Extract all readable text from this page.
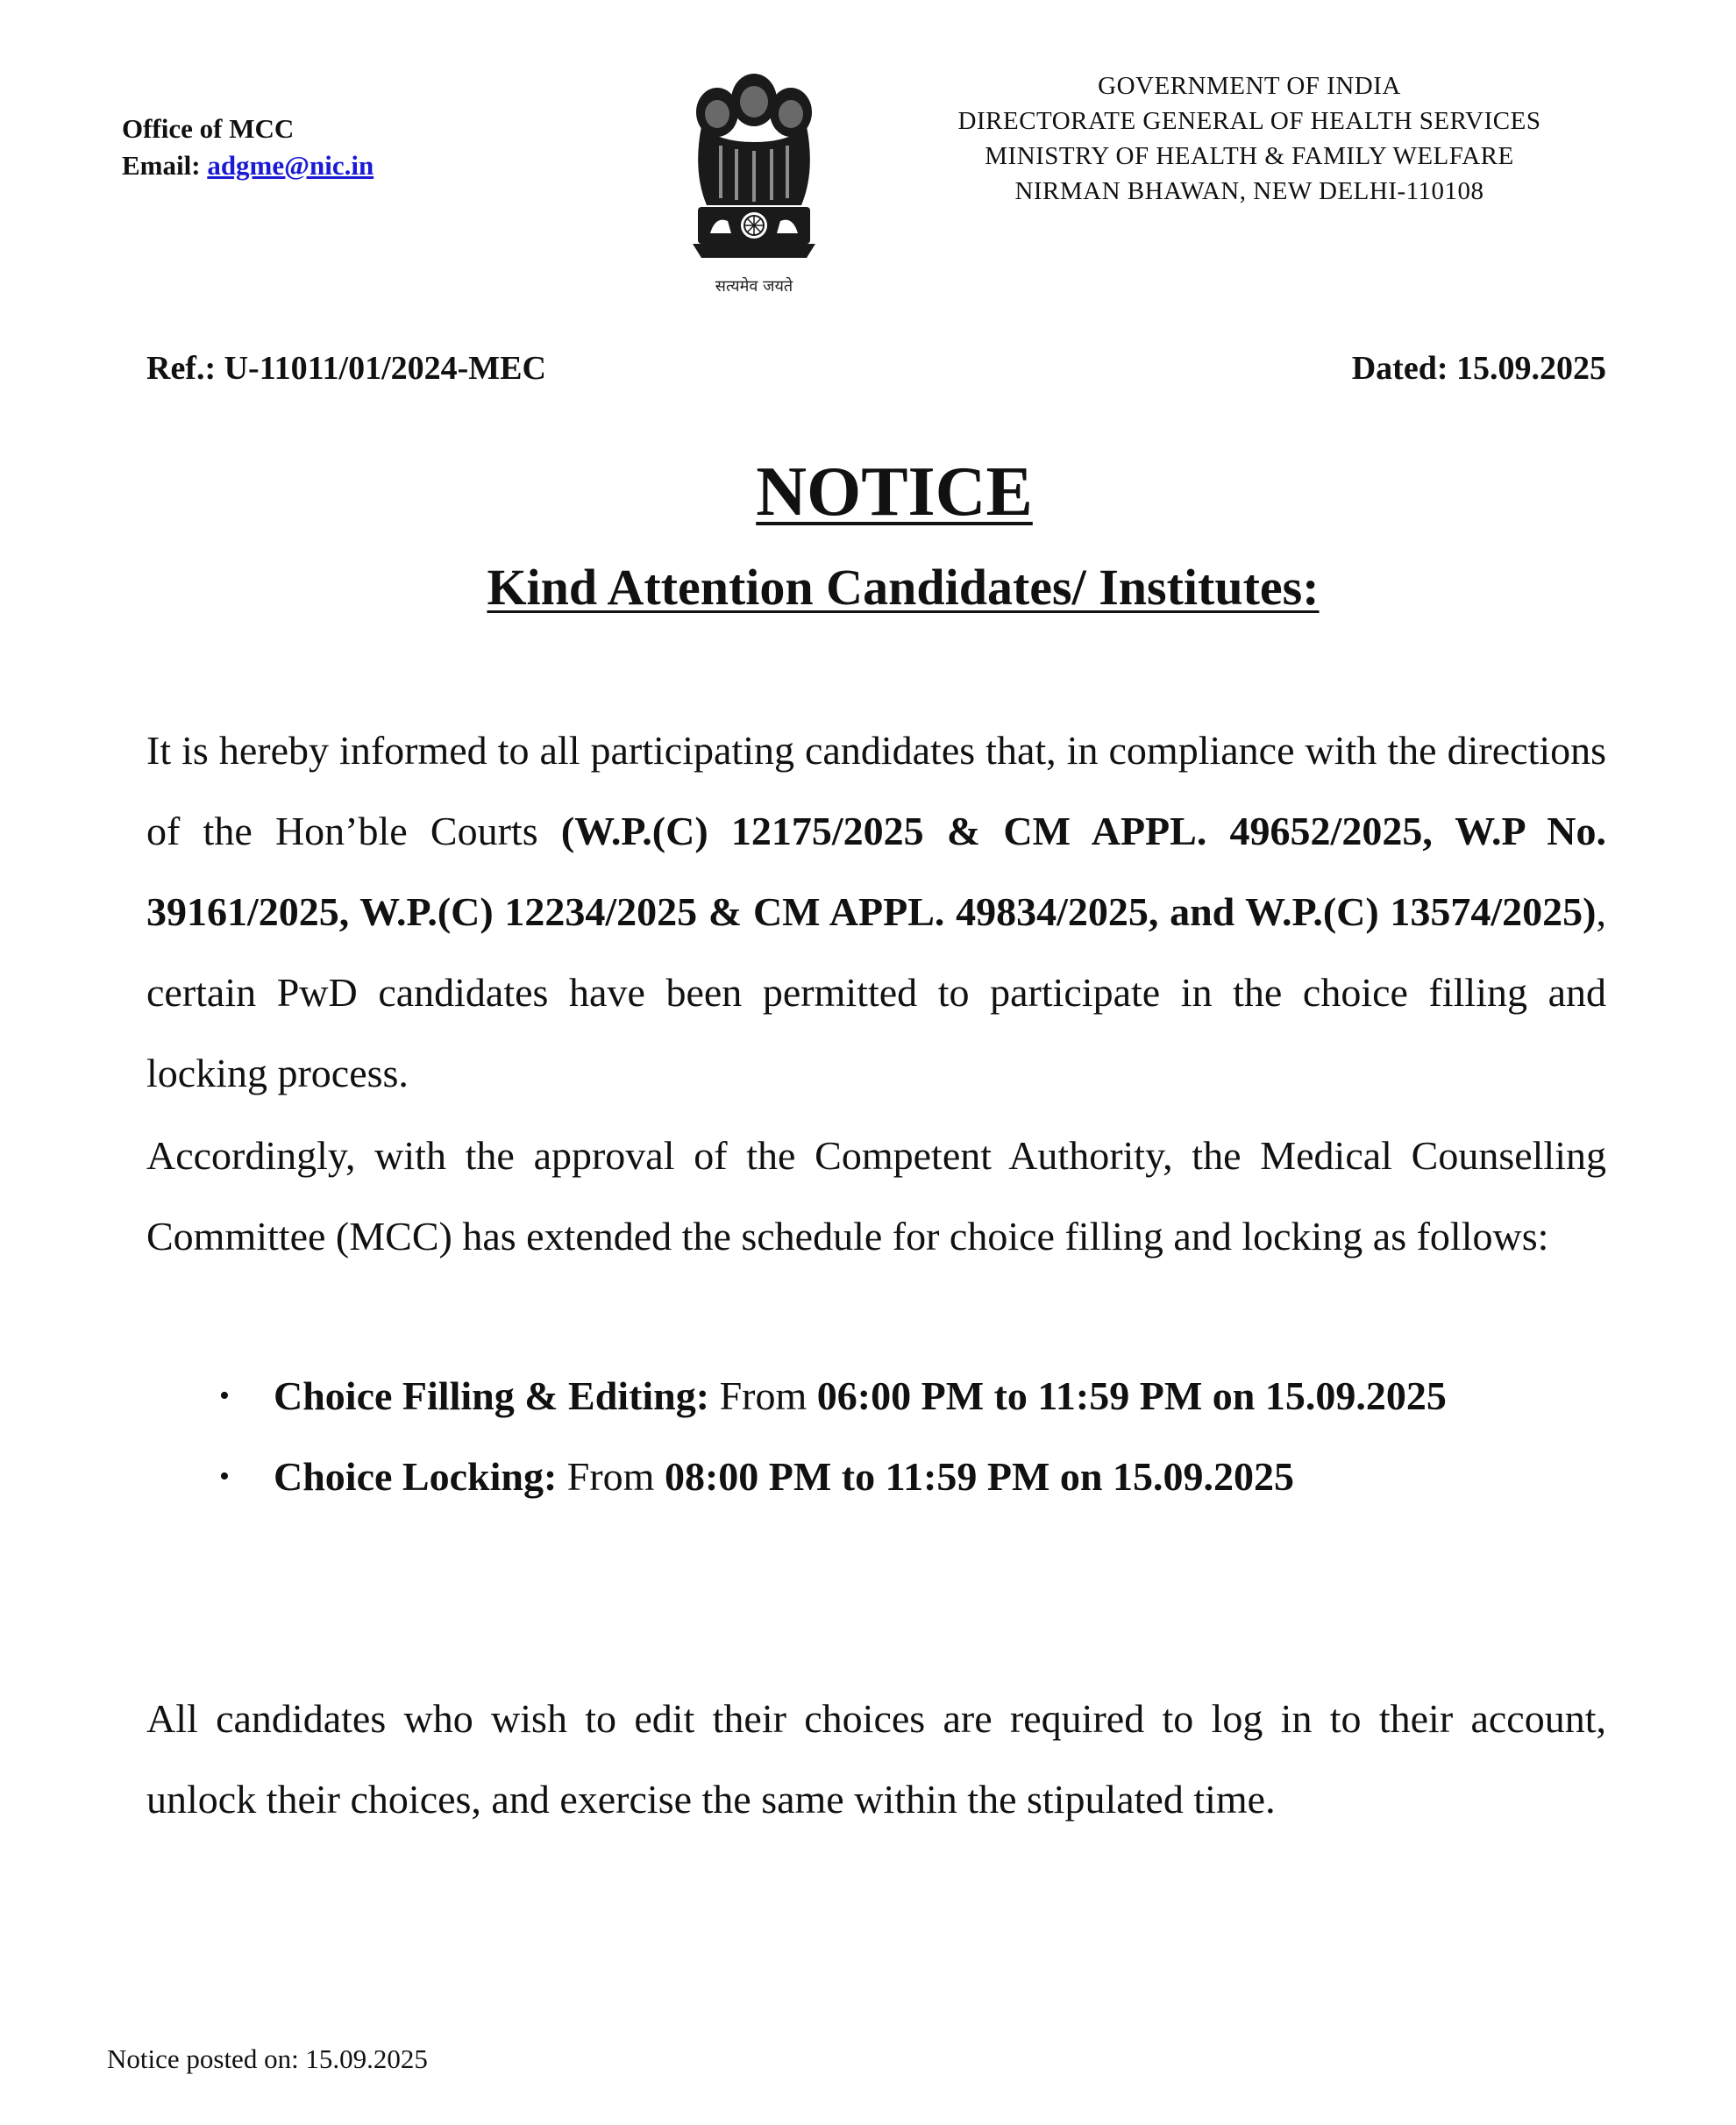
Office of MCC
Email: adgme@nic.in
सत्यमेव जयते
GOVERNMENT OF INDIA
DIRECTORATE GENERAL OF HEALTH SERVICES
MINISTRY OF HEALTH & FAMILY WELFARE
NIRMAN BHAWAN, NEW DELHI-110108
Ref.: U-11011/01/2024-MEC	Dated: 15.09.2025
NOTICE
Kind Attention Candidates/ Institutes:
It is hereby informed to all participating candidates that, in compliance with the directions of the Hon’ble Courts (W.P.(C) 12175/2025 & CM APPL. 49652/2025, W.P No. 39161/2025, W.P.(C) 12234/2025 & CM APPL. 49834/2025, and W.P.(C) 13574/2025), certain PwD candidates have been permitted to participate in the choice filling and locking process.
Accordingly, with the approval of the Competent Authority, the Medical Counselling Committee (MCC) has extended the schedule for choice filling and locking as follows:
• Choice Filling & Editing: From 06:00 PM to 11:59 PM on 15.09.2025
• Choice Locking: From 08:00 PM to 11:59 PM on 15.09.2025
All candidates who wish to edit their choices are required to log in to their account, unlock their choices, and exercise the same within the stipulated time.
Notice posted on: 15.09.2025
